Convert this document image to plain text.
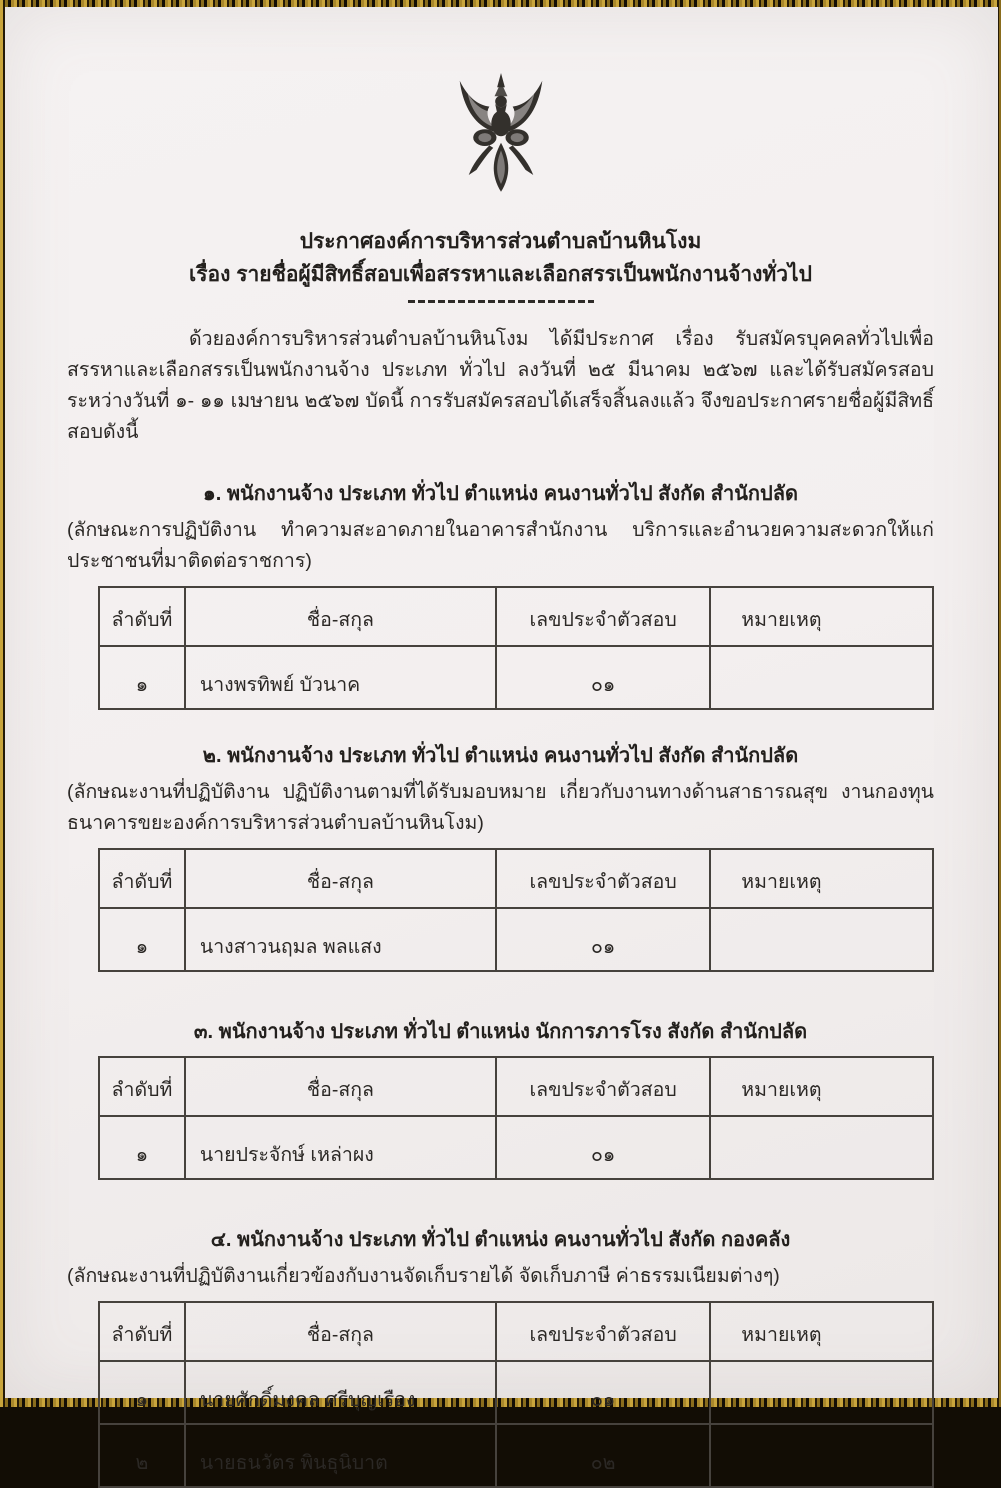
ประกาศองค์การบริหารส่วนตำบลบ้านหินโงม
เรื่อง รายชื่อผู้มีสิทธิ์สอบเพื่อสรรหาและเลือกสรรเป็นพนักงานจ้างทั่วไป

ด้วยองค์การบริหารส่วนตำบลบ้านหินโงม ได้มีประกาศ เรื่อง รับสมัครบุคคลทั่วไปเพื่อสรรหาและเลือกสรรเป็นพนักงานจ้าง ประเภท ทั่วไป ลงวันที่ ๒๕ มีนาคม ๒๕๖๗ และได้รับสมัครสอบระหว่างวันที่ ๑- ๑๑ เมษายน ๒๕๖๗ บัดนี้ การรับสมัครสอบได้เสร็จสิ้นลงแล้ว จึงขอประกาศรายชื่อผู้มีสิทธิ์สอบดังนี้

๑. พนักงานจ้าง ประเภท ทั่วไป ตำแหน่ง คนงานทั่วไป สังกัด สำนักปลัด

(ลักษณะการปฏิบัติงาน ทำความสะอาดภายในอาคารสำนักงาน บริการและอำนวยความสะดวกให้แก่ประชาชนที่มาติดต่อราชการ)

ลำดับที่	ชื่อ-สกุล	เลขประจำตัวสอบ	หมายเหตุ
๑	นางพรทิพย์ บัวนาค	๐๑	
๒. พนักงานจ้าง ประเภท ทั่วไป ตำแหน่ง คนงานทั่วไป สังกัด สำนักปลัด

(ลักษณะงานที่ปฏิบัติงาน ปฏิบัติงานตามที่ได้รับมอบหมาย เกี่ยวกับงานทางด้านสาธารณสุข งานกองทุนธนาคารขยะองค์การบริหารส่วนตำบลบ้านหินโงม)

ลำดับที่	ชื่อ-สกุล	เลขประจำตัวสอบ	หมายเหตุ
๑	นางสาวนฤมล พลแสง	๐๑	
๓. พนักงานจ้าง ประเภท ทั่วไป ตำแหน่ง นักการภารโรง สังกัด สำนักปลัด
ลำดับที่	ชื่อ-สกุล	เลขประจำตัวสอบ	หมายเหตุ
๑	นายประจักษ์ เหล่าผง	๐๑	
๔. พนักงานจ้าง ประเภท ทั่วไป ตำแหน่ง คนงานทั่วไป สังกัด กองคลัง

(ลักษณะงานที่ปฏิบัติงานเกี่ยวข้องกับงานจัดเก็บรายได้ จัดเก็บภาษี ค่าธรรมเนียมต่างๆ)

ลำดับที่	ชื่อ-สกุล	เลขประจำตัวสอบ	หมายเหตุ
๑	นายศักดิ์มงคล ศรีบุญเรือง	๐๑	
๒	นายธนวัตร พินธุนิบาต	๐๒	
